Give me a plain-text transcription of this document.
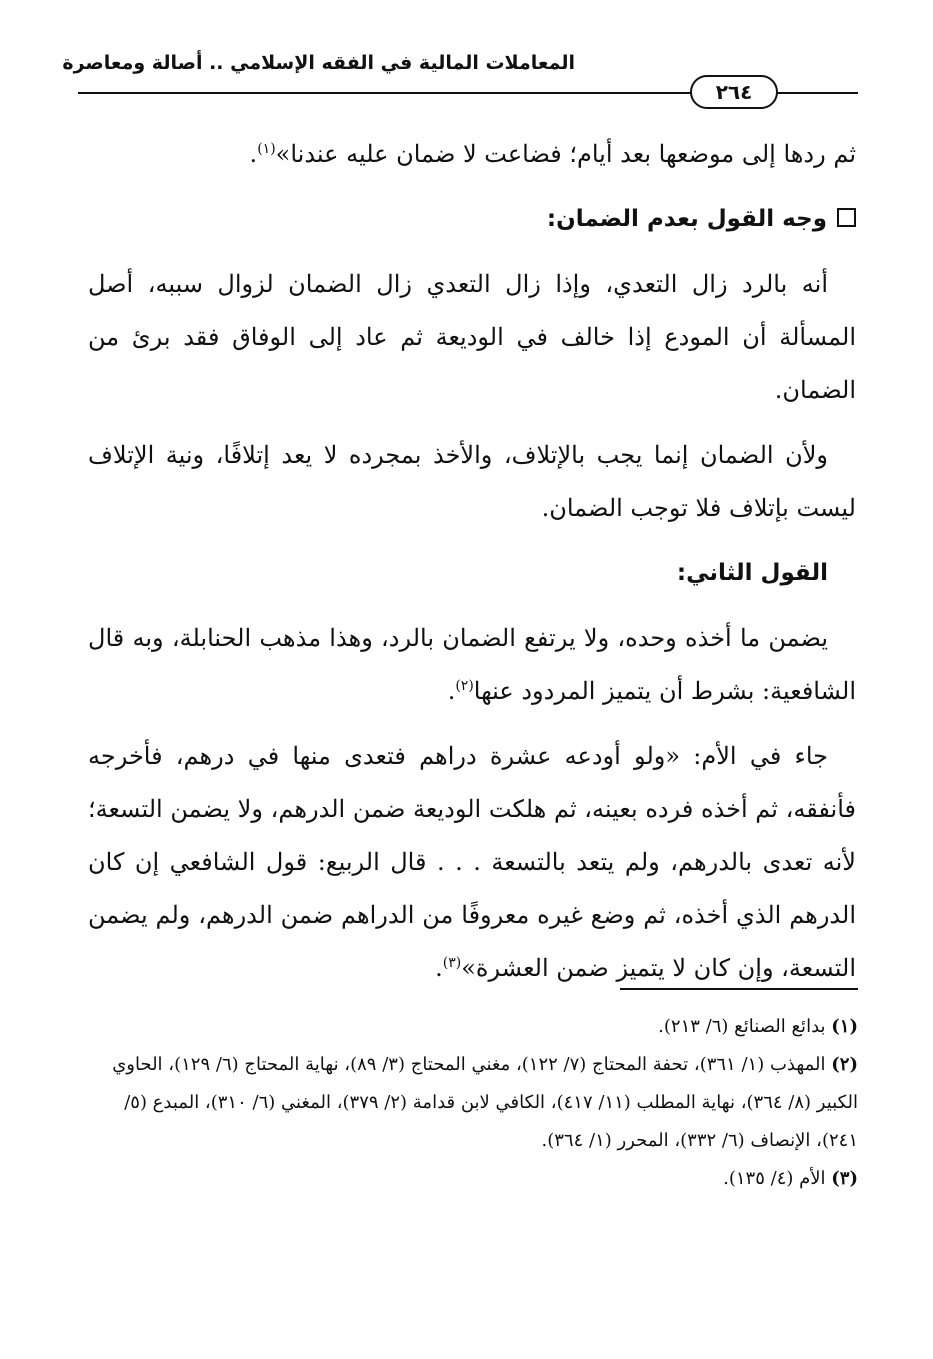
المعاملات المالية في الفقه الإسلامي .. أصالة ومعاصرة
٢٦٤

ثم ردها إلى موضعها بعد أيام؛ فضاعت لا ضمان عليه عندنا»$^{(١)}$.

وجه القول بعدم الضمان:

أنه بالرد زال التعدي، وإذا زال التعدي زال الضمان لزوال سببه، أصل المسألة أن المودع إذا خالف في الوديعة ثم عاد إلى الوفاق فقد برئ من الضمان.

ولأن الضمان إنما يجب بالإتلاف، والأخذ بمجرده لا يعد إتلافًا، ونية الإتلاف ليست بإتلاف فلا توجب الضمان.

القول الثاني:

يضمن ما أخذه وحده، ولا يرتفع الضمان بالرد، وهذا مذهب الحنابلة، وبه قال الشافعية: بشرط أن يتميز المردود عنها$^{(٢)}$.

جاء في الأم: «ولو أودعه عشرة دراهم فتعدى منها في درهم، فأخرجه فأنفقه، ثم أخذه فرده بعينه، ثم هلكت الوديعة ضمن الدرهم، ولا يضمن التسعة؛ لأنه تعدى بالدرهم، ولم يتعد بالتسعة . . . قال الربيع: قول الشافعي إن كان الدرهم الذي أخذه، ثم وضع غيره معروفًا من الدراهم ضمن الدرهم، ولم يضمن التسعة، وإن كان لا يتميز ضمن العشرة»$^{(٣)}$.

(١) بدائع الصنائع (٦/ ٢١٣).

(٢) المهذب (١/ ٣٦١)، تحفة المحتاج (٧/ ١٢٢)، مغني المحتاج (٣/ ٨٩)، نهاية المحتاج (٦/ ١٢٩)، الحاوي الكبير (٨/ ٣٦٤)، نهاية المطلب (١١/ ٤١٧)، الكافي لابن قدامة (٢/ ٣٧٩)، المغني (٦/ ٣١٠)، المبدع (٥/ ٢٤١)، الإنصاف (٦/ ٣٣٢)، المحرر (١/ ٣٦٤).

(٣) الأم (٤/ ١٣٥).
